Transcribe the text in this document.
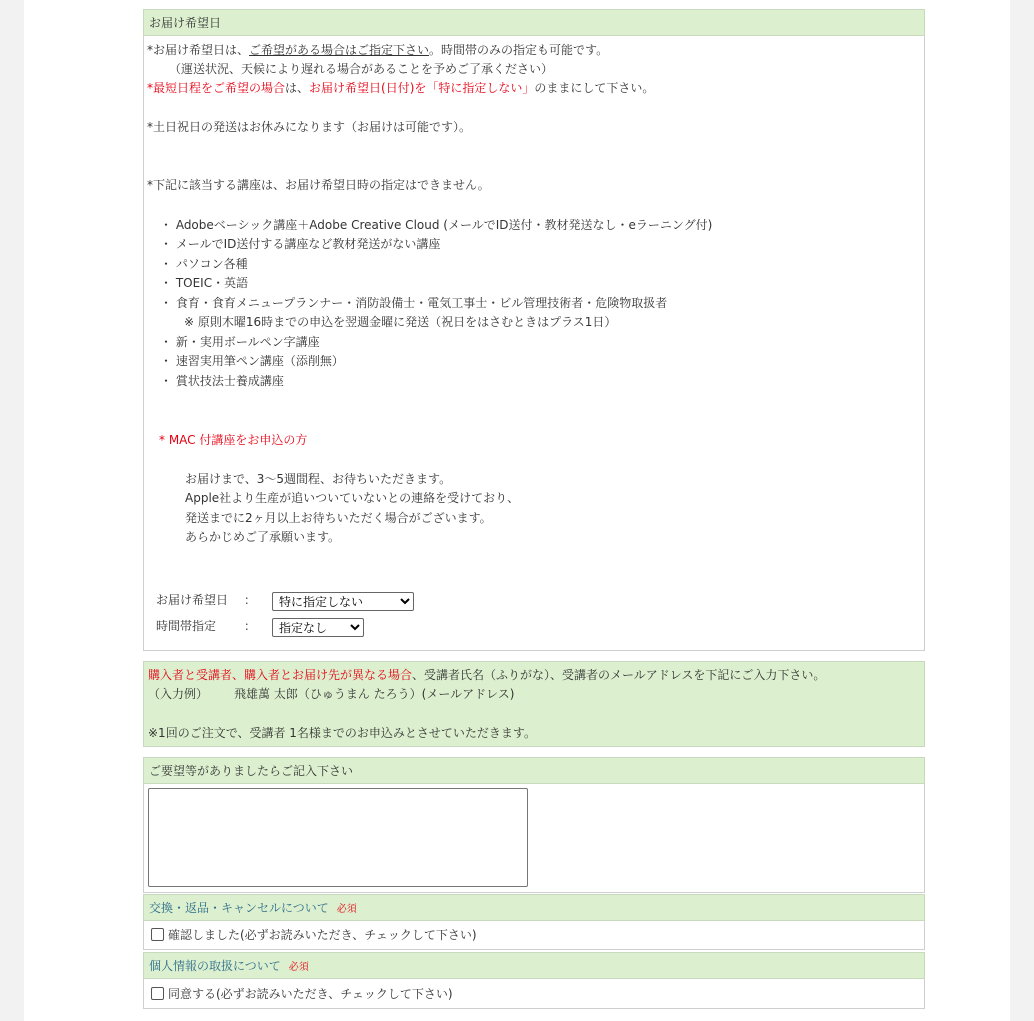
お届け希望日
*お届け希望日は、ご希望がある場合はご指定下さい。時間帯のみの指定も可能です。
（運送状況、天候により遅れる場合があることを予めご了承ください）
*最短日程をご希望の場合は、お届け希望日(日付)を「特に指定しない」のままにして下さい。
*土日祝日の発送はお休みになります（お届けは可能です）。
*下記に該当する講座は、お届け希望日時の指定はできません。
・ Adobeベーシック講座＋Adobe Creative Cloud (メールでID送付・教材発送なし・eラーニング付)
・ メールでID送付する講座など教材発送がない講座
・ パソコン各種
・ TOEIC・英語
・ 食育・食育メニュープランナー・消防設備士・電気工事士・ビル管理技術者・危険物取扱者
※ 原則木曜16時までの申込を翌週金曜に発送（祝日をはさむときはプラス1日）
・ 新・実用ボールペン字講座
・ 速習実用筆ペン講座（添削無）
・ 賞状技法士養成講座
* MAC 付講座をお申込の方
お届けまで、3〜5週間程、お待ちいただきます。
Apple社より生産が追いついていないとの連絡を受けており、
発送までに2ヶ月以上お待ちいただく場合がございます。
あらかじめご了承願います。
お届け希望日 ：
特に指定しない
時間帯指定 ：
指定なし
購入者と受講者、購入者とお届け先が異なる場合、受講者氏名（ふりがな）、受講者のメールアドレスを下記にご入力下さい。
（入力例） 飛雄萬 太郎（ひゅうまん たろう）(メールアドレス)
※1回のご注文で、受講者 1名様までのお申込みとさせていただきます。
ご要望等がありましたらご記入下さい
交換・返品・キャンセルについて 必須
確認しました(必ずお読みいただき、チェックして下さい)
個人情報の取扱について 必須
同意する(必ずお読みいただき、チェックして下さい)
